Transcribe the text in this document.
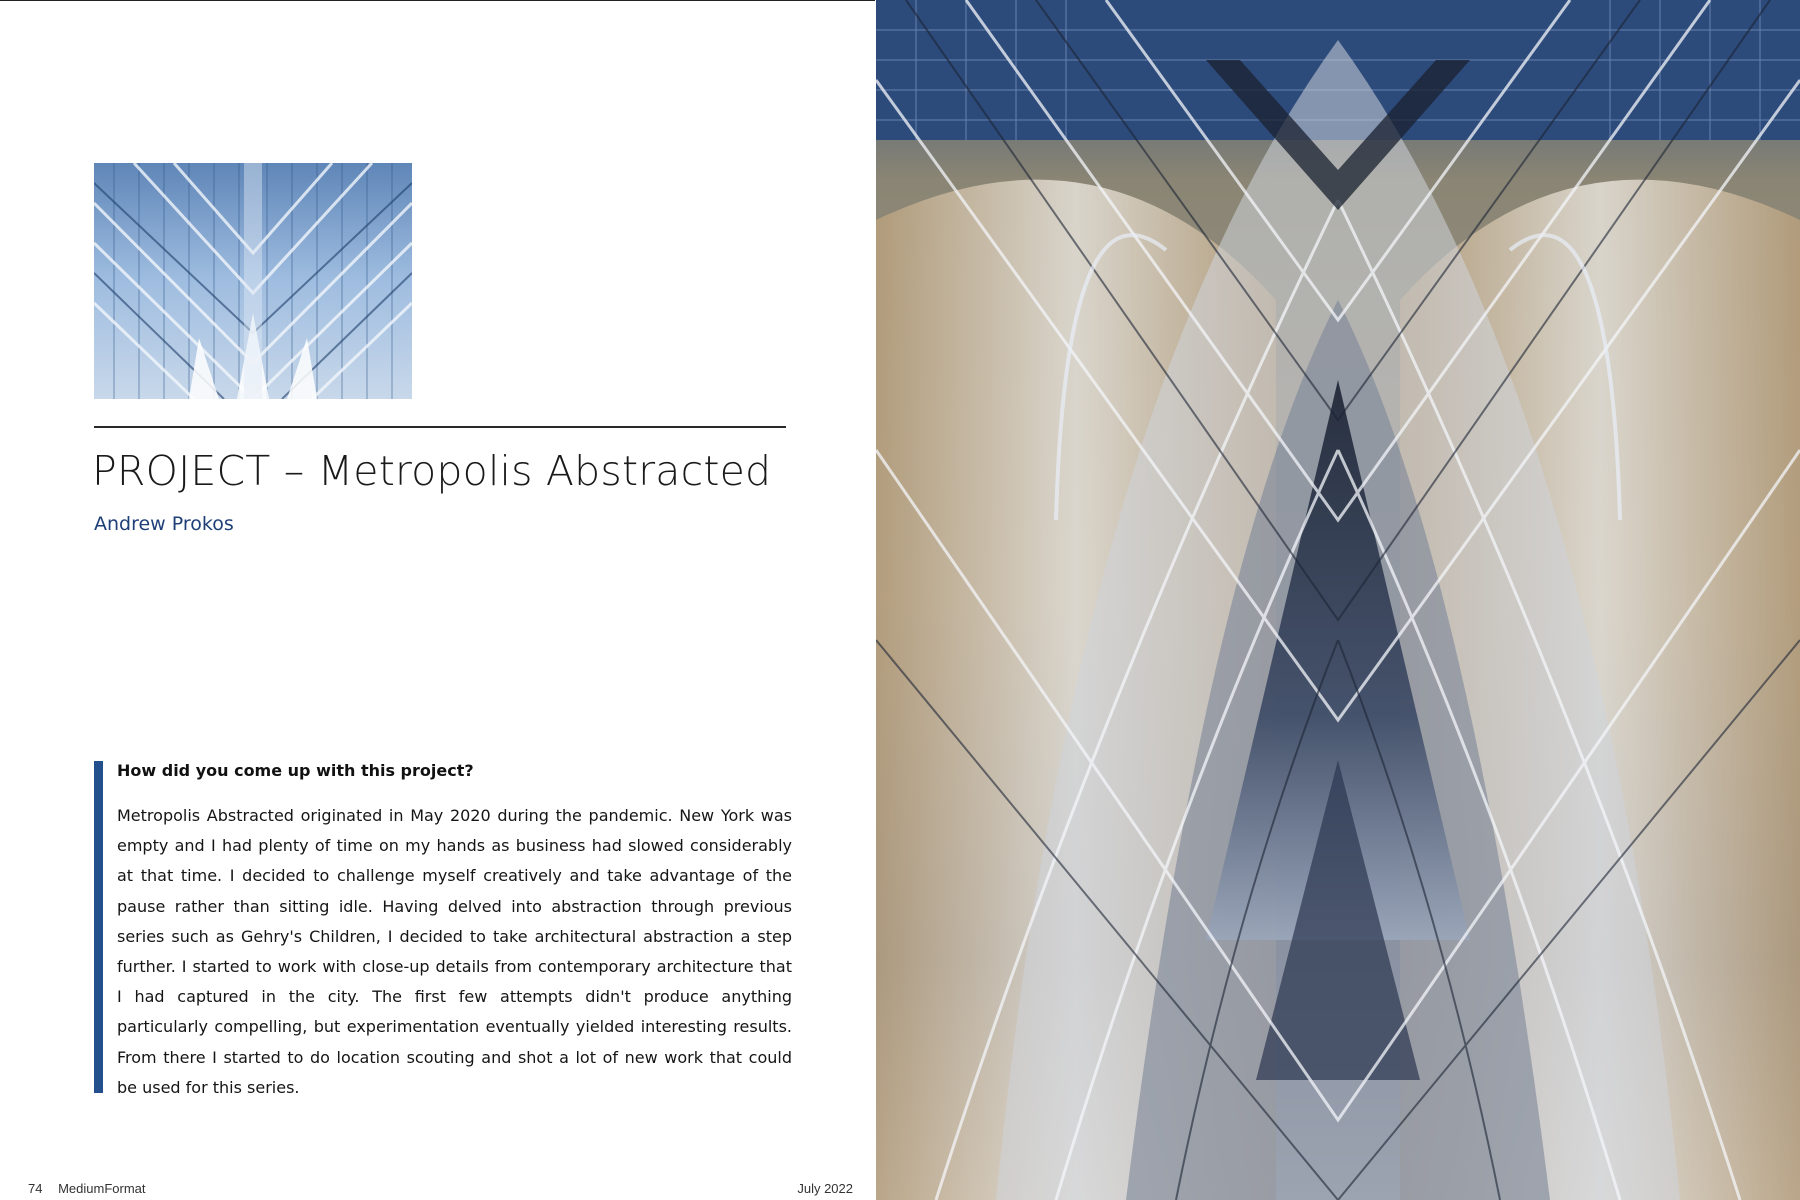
PROJECT – Metropolis Abstracted
Andrew Prokos
How did you come up with this project?

Metropolis Abstracted originated in May 2020 during the pandemic. New York was empty and I had plenty of time on my hands as business had slowed considerably at that time. I decided to challenge myself creatively and take advantage of the pause rather than sitting idle. Having delved into abstraction through previous series such as Gehry's Children, I decided to take architectural abstraction a step further. I started to work with close-up details from contemporary architecture that I had captured in the city. The first few attempts didn't produce anything particularly compelling, but experimentation eventually yielded interesting results. From there I started to do location scouting and shot a lot of new work that could be used for this series.

74 MediumFormat	July 2022
